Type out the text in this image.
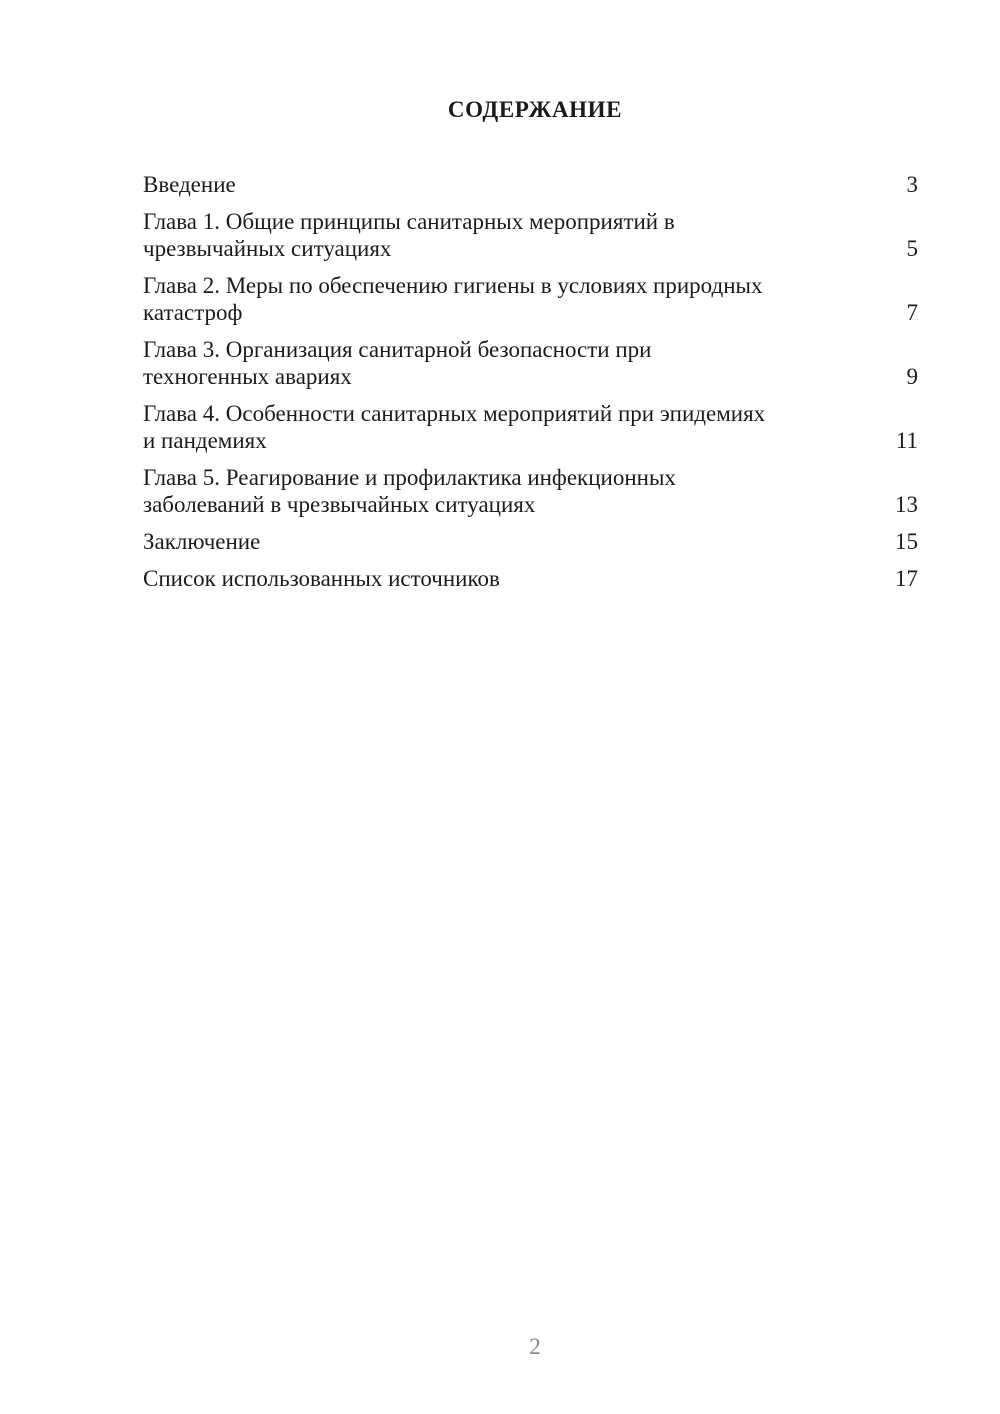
СОДЕРЖАНИЕ
Введение	3
Глава 1. Общие принципы санитарных мероприятий в
чрезвычайных ситуациях	5
Глава 2. Меры по обеспечению гигиены в условиях природных
катастроф	7
Глава 3. Организация санитарной безопасности при
техногенных авариях	9
Глава 4. Особенности санитарных мероприятий при эпидемиях
и пандемиях	11
Глава 5. Реагирование и профилактика инфекционных
заболеваний в чрезвычайных ситуациях	13
Заключение	15
Список использованных источников	17
2
